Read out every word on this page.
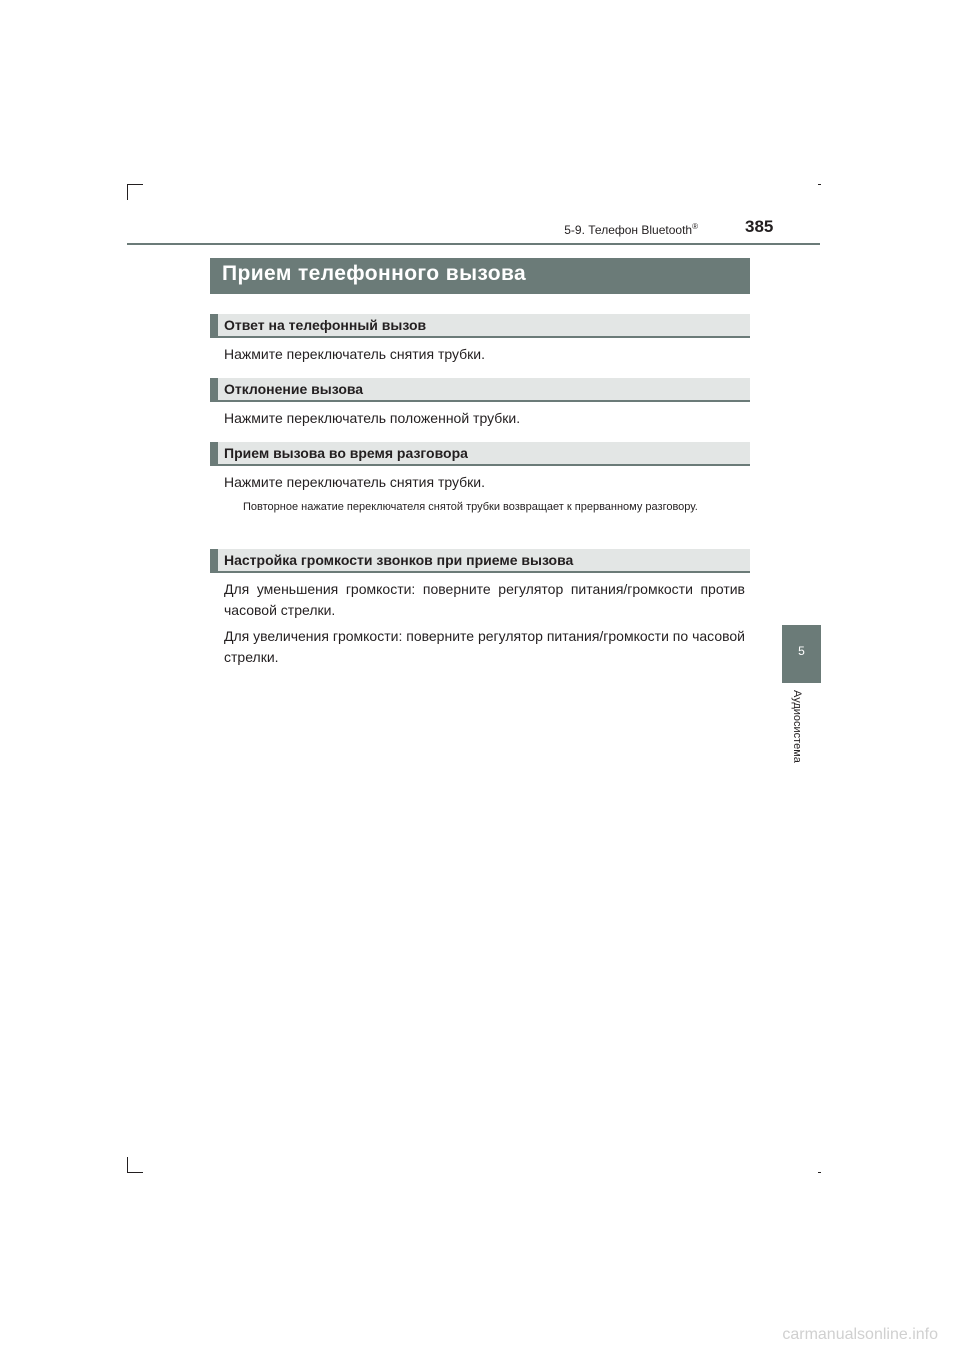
5-9. Телефон Bluetooth®	385
Прием телефонного вызова
Ответ на телефонный вызов
Нажмите переключатель снятия трубки.
Отклонение вызова
Нажмите переключатель положенной трубки.
Прием вызова во время разговора
Нажмите переключатель снятия трубки.
Повторное нажатие переключателя снятой трубки возвращает к прерванному разговору.
Настройка громкости звонков при приеме вызова
Для уменьшения громкости: поверните регулятор питания/громкости против часовой стрелки.
Для увеличения громкости: поверните регулятор питания/громкости по часовой стрелки.	5
Аудиосистема
carmanualsonline.info
